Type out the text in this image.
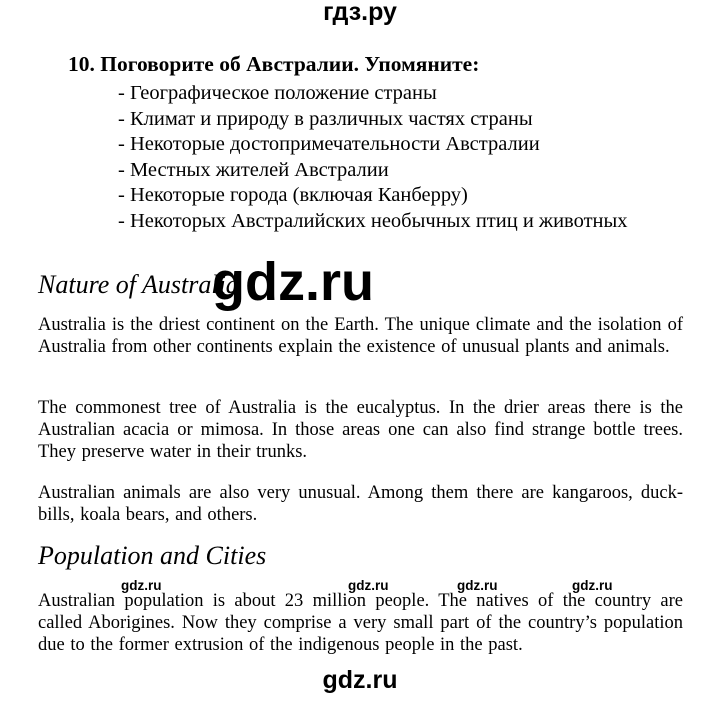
гдз.ру
10. Поговорите об Австралии. Упомяните:
- Географическое положение страны
- Климат и природу в различных частях страны
- Некоторые достопримечательности Австралии
- Местных жителей Австралии
- Некоторые города (включая Канберру)
- Некоторых Австралийских необычных птиц и животных
Nature of Australia
gdz.ru
Australia is the driest continent on the Earth. The unique climate and the isolation of Australia from other continents explain the existence of unusual plants and animals.
The commonest tree of Australia is the eucalyptus. In the drier areas there is the Australian acacia or mimosa. In those areas one can also find strange bottle trees. They preserve water in their trunks.
Australian animals are also very unusual. Among them there are kangaroos, duck-bills, koala bears, and others.
Population and Cities
gdz.ru	gdz.ru	gdz.ru	gdz.ru
Australian population is about 23 million people. The natives of the country are called Aborigines. Now they comprise a very small part of the country’s population due to the former extrusion of the indigenous people in the past.
gdz.ru
